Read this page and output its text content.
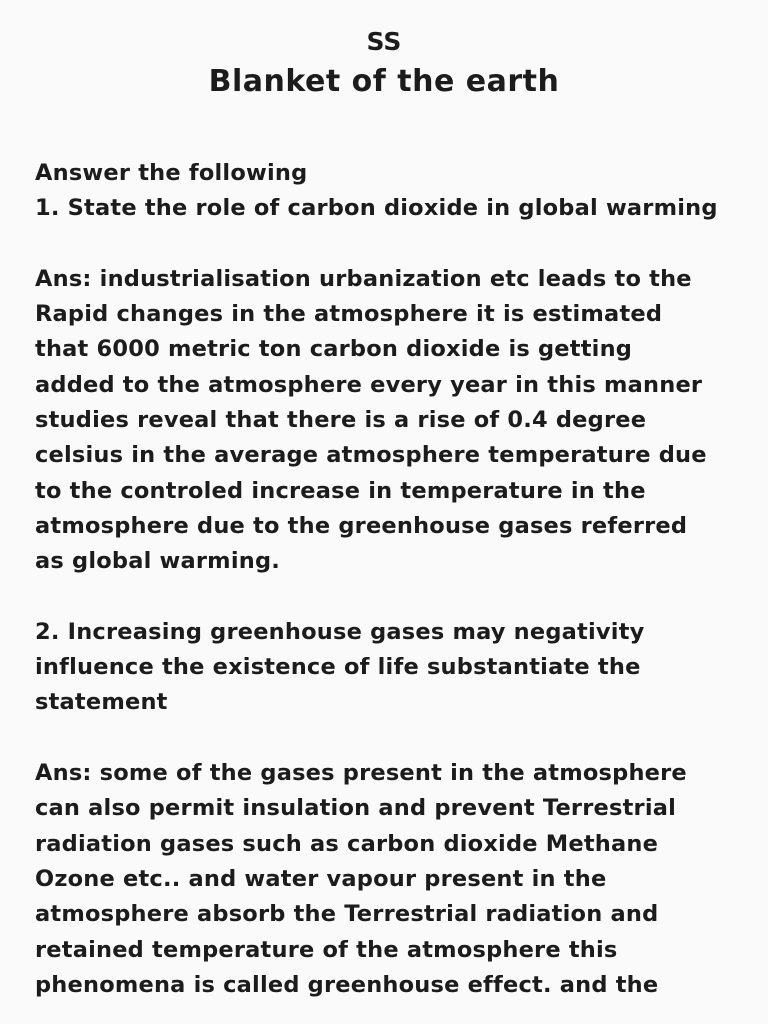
SS

Blanket of the earth

Answer the following
1. State the role of carbon dioxide in global warming
Ans: industrialisation urbanization etc leads to the
Rapid changes in the atmosphere it is estimated
that 6000 metric ton carbon dioxide is getting
added to the atmosphere every year in this manner
studies reveal that there is a rise of 0.4 degree
celsius in the average atmosphere temperature due
to the controled increase in temperature in the
atmosphere due to the greenhouse gases referred
as global warming.
2. Increasing greenhouse gases may negativity
influence the existence of life substantiate the
statement
Ans: some of the gases present in the atmosphere
can also permit insulation and prevent Terrestrial
radiation gases such as carbon dioxide Methane
Ozone etc.. and water vapour present in the
atmosphere absorb the Terrestrial radiation and
retained temperature of the atmosphere this
phenomena is called greenhouse effect. and the
